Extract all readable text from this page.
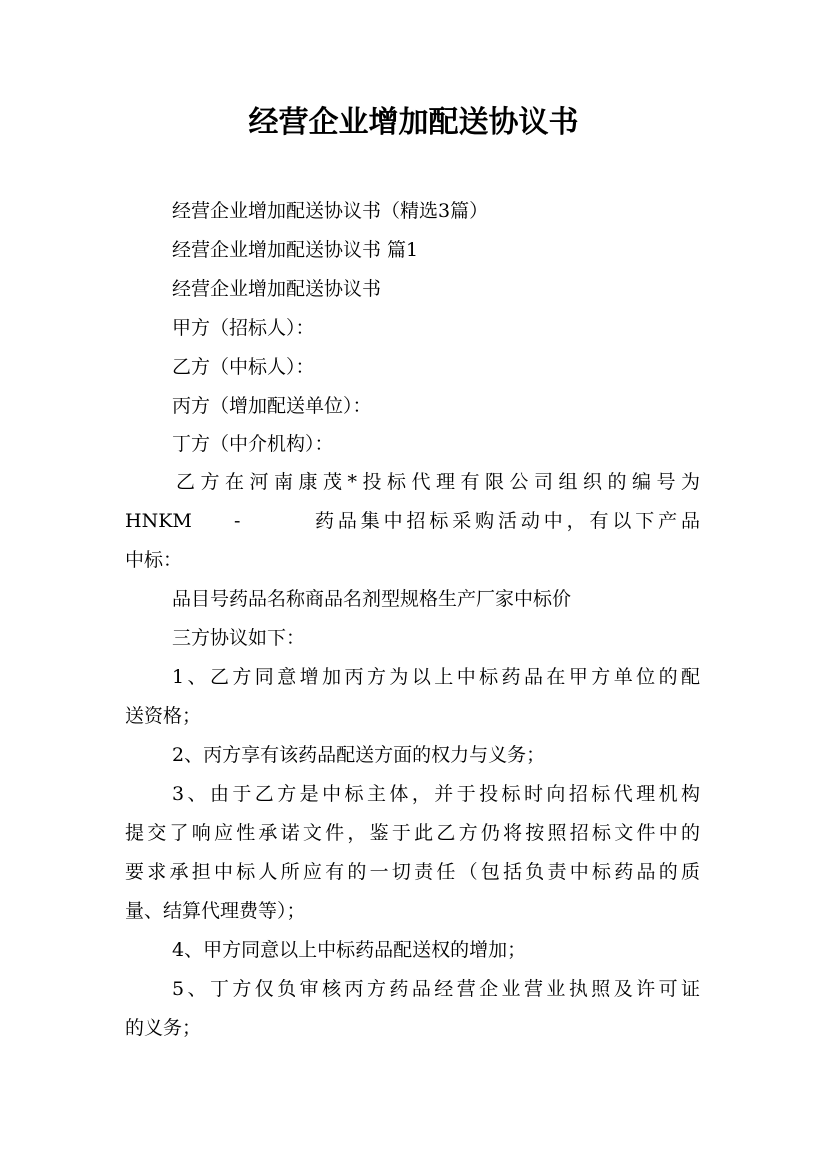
经营企业增加配送协议书
经营企业增加配送协议书（精选3篇）
经营企业增加配送协议书 篇1
经营企业增加配送协议书
甲方（招标人）：
乙方（中标人）：
丙方（增加配送单位）：
丁方（中介机构）：
乙方在河南康茂*投标代理有限公司组织的编号为
HNKM -	药品集中招标采购活动中，有以下产品
中标：
品目号药品名称商品名剂型规格生产厂家中标价
三方协议如下：
1、乙方同意增加丙方为以上中标药品在甲方单位的配
送资格；
2、丙方享有该药品配送方面的权力与义务；
3、由于乙方是中标主体，并于投标时向招标代理机构
提交了响应性承诺文件，鉴于此乙方仍将按照招标文件中的
要求承担中标人所应有的一切责任（包括负责中标药品的质
量、结算代理费等）；
4、甲方同意以上中标药品配送权的增加；
5、丁方仅负审核丙方药品经营企业营业执照及许可证
的义务；
